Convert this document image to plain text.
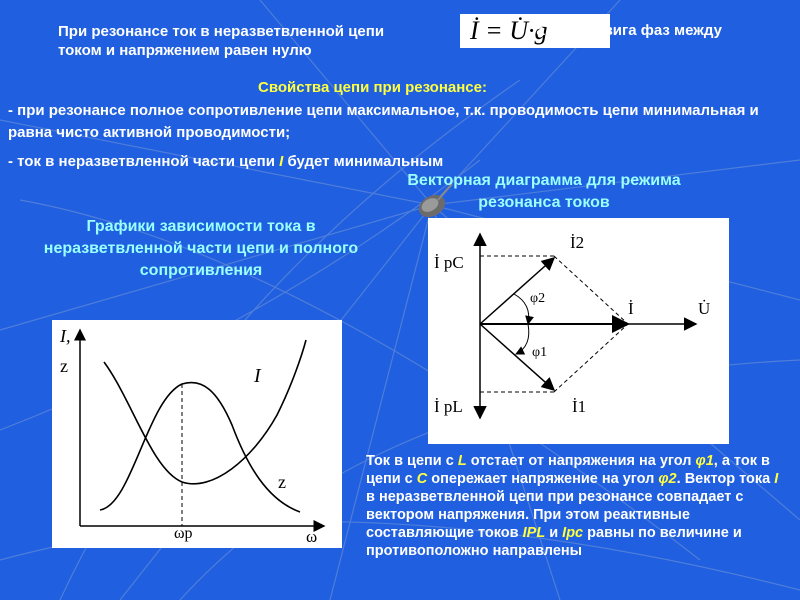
При резонансе ток в неразветвленной цепи
током и напряжением равен нулю
İ = U̇·g
, а угол сдвига фаз между
Свойства цепи при резонансе:
- при резонансе полное сопротивление цепи максимальное, т.к. проводимость цепи минимальная и равна чисто активной проводимости;
- ток в неразветвленной части цепи I будет минимальным
Векторная диаграмма для режима резонанса токов
Графики зависимости тока в неразветвленной части цепи и полного сопротивления
I,
z	I
z
ωp	ω
İ pC
İ pL
İ2
İ1
İ	U̇
φ2
φ1
Ток в цепи с L отстает от напряжения на угол φ1, а ток в цепи с C опережает напряжение на угол φ2. Вектор тока I в неразветвленной цепи при резонансе совпадает с вектором напряжения. При этом реактивные составляющие токов IPL и Ipc равны по величине и противоположно направлены
